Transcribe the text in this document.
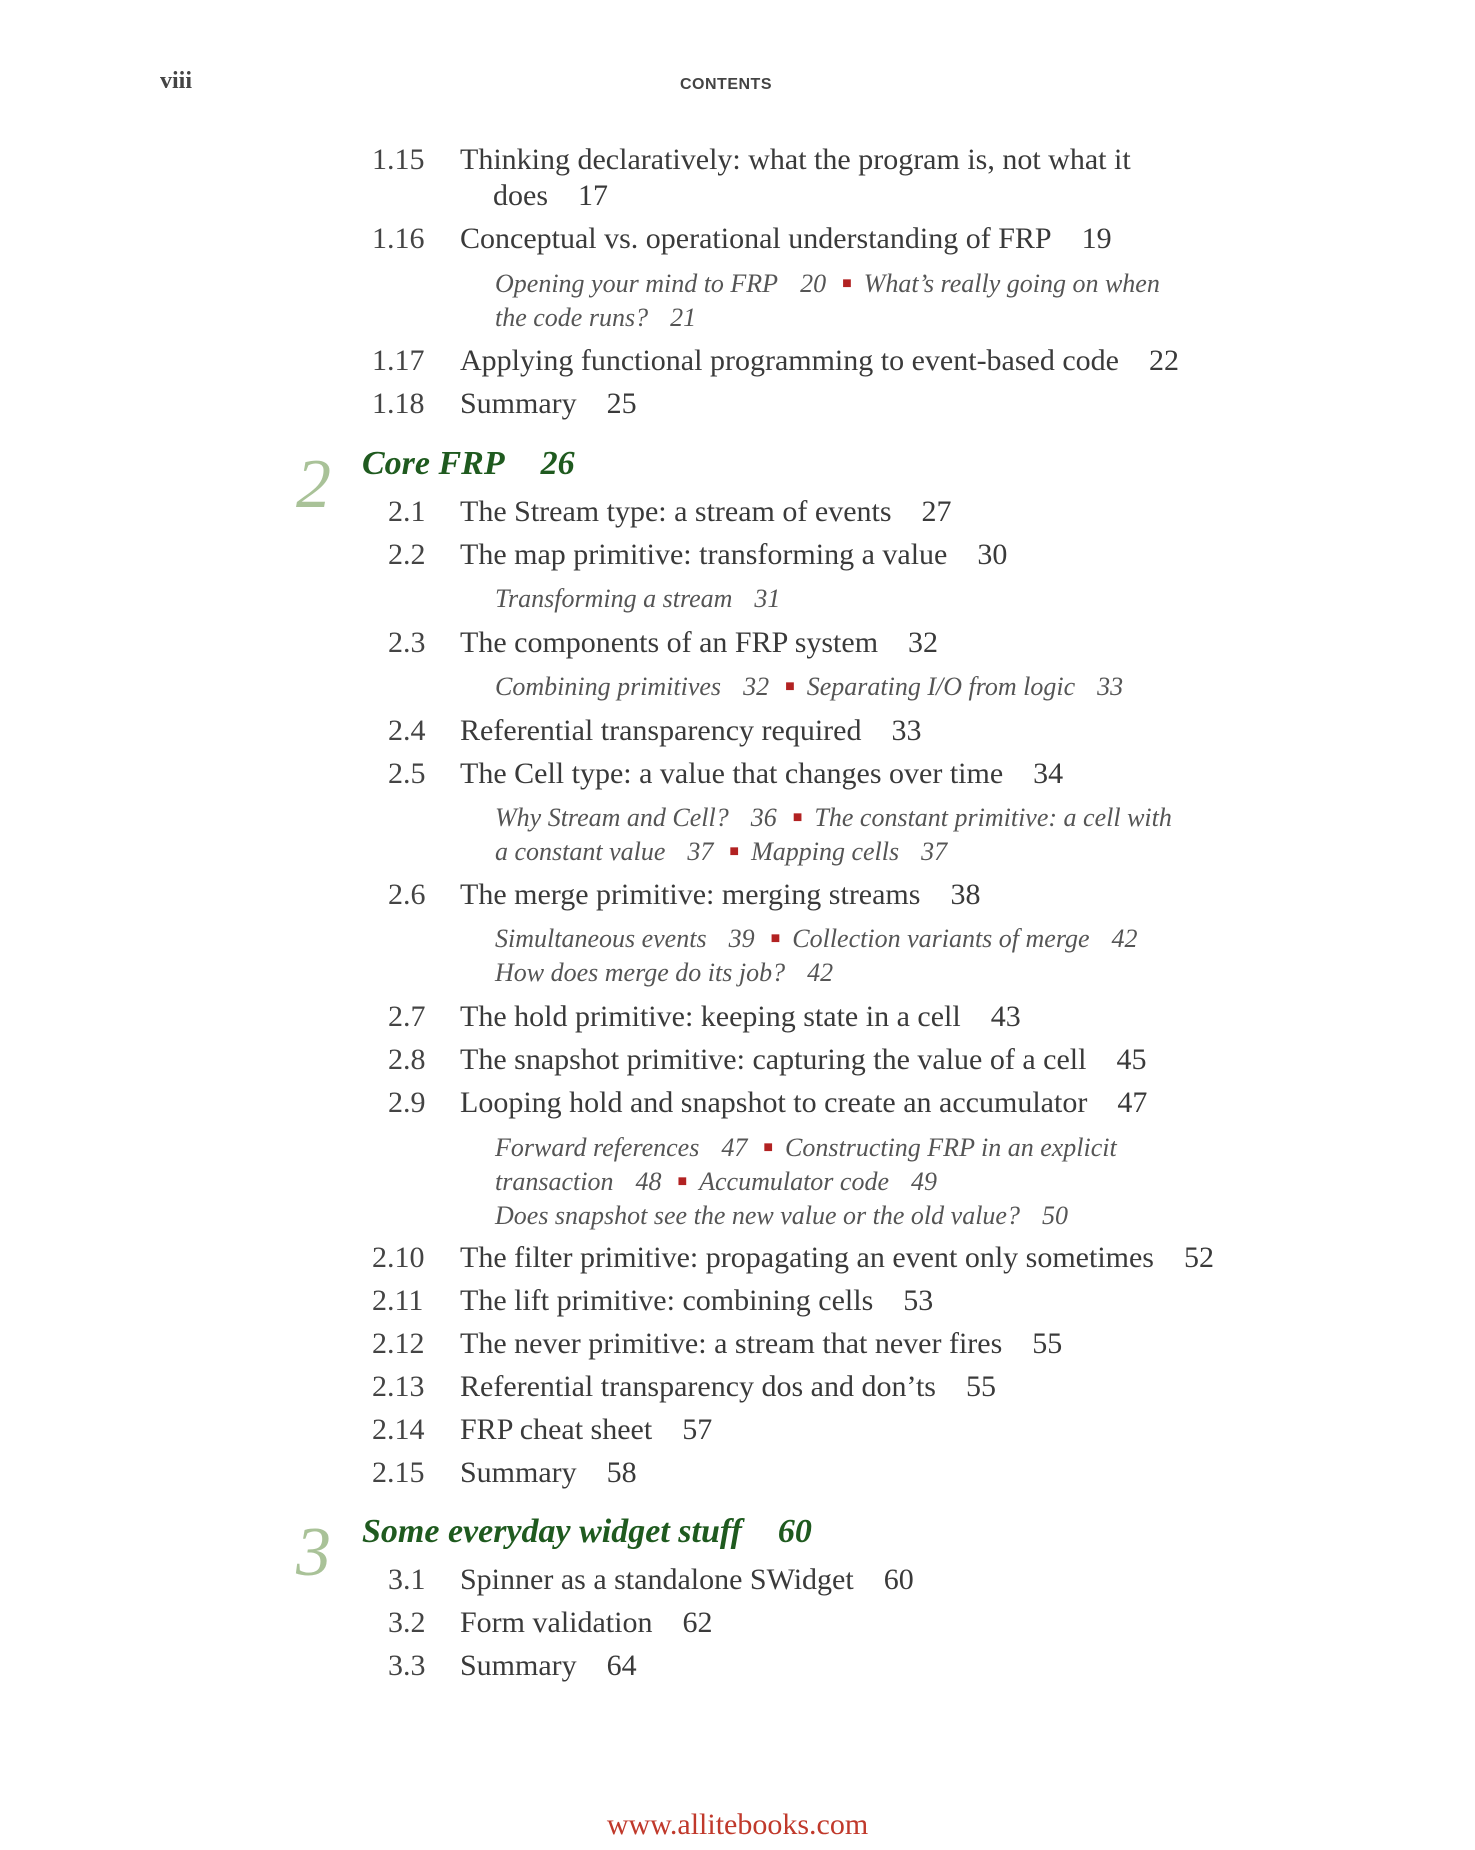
viii	CONTENTS
1.15 Thinking declaratively: what the program is, not what it
does 17
1.16 Conceptual vs. operational understanding of FRP 19
Opening your mind to FRP 20 ■ What’s really going on when
the code runs? 21
1.17 Applying functional programming to event-based code 22
1.18 Summary 25
2 Core FRP 26
2.1 The Stream type: a stream of events 27
2.2 The map primitive: transforming a value 30
Transforming a stream 31
2.3 The components of an FRP system 32
Combining primitives 32 ■ Separating I/O from logic 33
2.4 Referential transparency required 33
2.5 The Cell type: a value that changes over time 34
Why Stream and Cell? 36 ■ The constant primitive: a cell with
a constant value 37 ■ Mapping cells 37
2.6 The merge primitive: merging streams 38
Simultaneous events 39 ■ Collection variants of merge 42
How does merge do its job? 42
2.7 The hold primitive: keeping state in a cell 43
2.8 The snapshot primitive: capturing the value of a cell 45
2.9 Looping hold and snapshot to create an accumulator 47
Forward references 47 ■ Constructing FRP in an explicit
transaction 48 ■ Accumulator code 49
Does snapshot see the new value or the old value? 50
2.10 The filter primitive: propagating an event only sometimes 52
2.11 The lift primitive: combining cells 53
2.12 The never primitive: a stream that never fires 55
2.13 Referential transparency dos and don’ts 55
2.14 FRP cheat sheet 57
2.15 Summary 58
3 Some everyday widget stuff 60
3.1 Spinner as a standalone SWidget 60
3.2 Form validation 62
3.3 Summary 64
www.allitebooks.com
